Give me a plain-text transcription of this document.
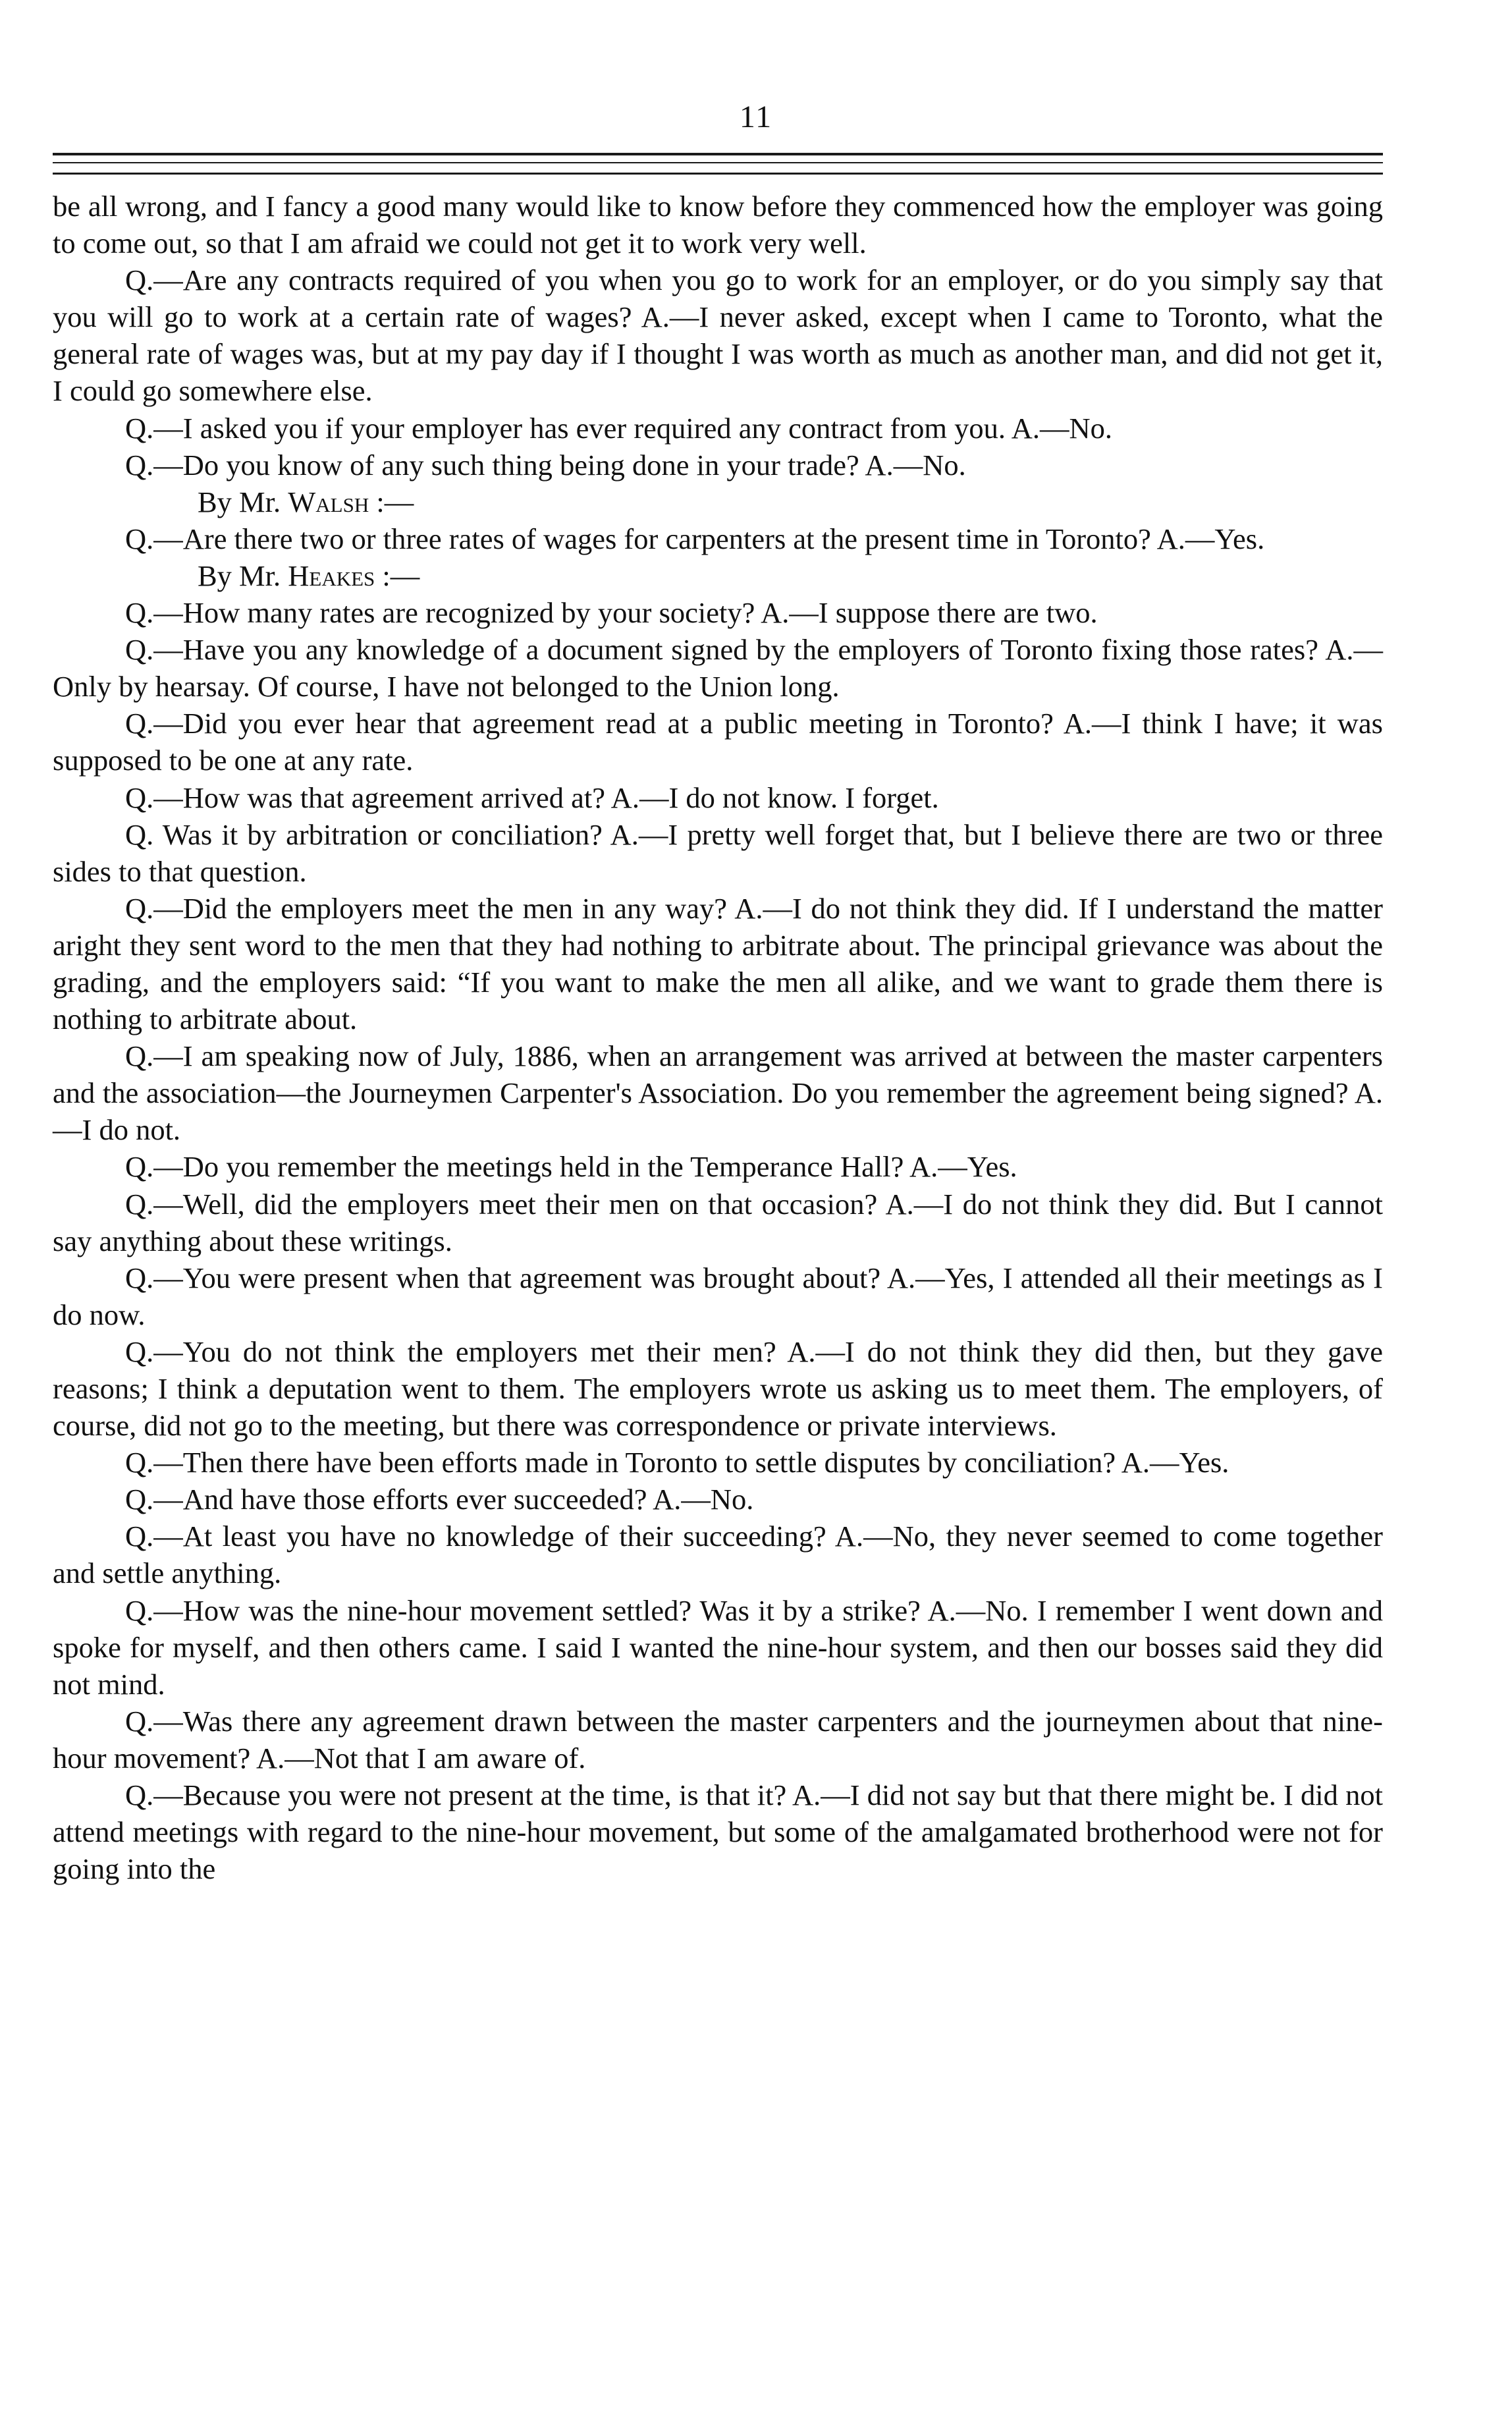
11

be all wrong, and I fancy a good many would like to know before they commenced how the employer was going to come out, so that I am afraid we could not get it to work very well.

Q.—Are any contracts required of you when you go to work for an employer, or do you simply say that you will go to work at a certain rate of wages? A.—I never asked, except when I came to Toronto, what the general rate of wages was, but at my pay day if I thought I was worth as much as another man, and did not get it, I could go somewhere else.

Q.—I asked you if your employer has ever required any contract from you. A.—No.

Q.—Do you know of any such thing being done in your trade? A.—No.

By Mr. Walsh :—

Q.—Are there two or three rates of wages for carpenters at the present time in Toronto? A.—Yes.

By Mr. Heakes :—

Q.—How many rates are recognized by your society? A.—I suppose there are two.

Q.—Have you any knowledge of a document signed by the employers of Toronto fixing those rates? A.—Only by hearsay. Of course, I have not belonged to the Union long.

Q.—Did you ever hear that agreement read at a public meeting in Toronto? A.—I think I have; it was supposed to be one at any rate.

Q.—How was that agreement arrived at? A.—I do not know. I forget.

Q. Was it by arbitration or conciliation? A.—I pretty well forget that, but I believe there are two or three sides to that question.

Q.—Did the employers meet the men in any way? A.—I do not think they did. If I understand the matter aright they sent word to the men that they had nothing to arbitrate about. The principal grievance was about the grading, and the employers said: “If you want to make the men all alike, and we want to grade them there is nothing to arbitrate about.

Q.—I am speaking now of July, 1886, when an arrangement was arrived at between the master carpenters and the association—the Journeymen Carpenter's Association. Do you remember the agreement being signed? A.—I do not.

Q.—Do you remember the meetings held in the Temperance Hall? A.—Yes.

Q.—Well, did the employers meet their men on that occasion? A.—I do not think they did. But I cannot say anything about these writings.

Q.—You were present when that agreement was brought about? A.—Yes, I attended all their meetings as I do now.

Q.—You do not think the employers met their men? A.—I do not think they did then, but they gave reasons; I think a deputation went to them. The employers wrote us asking us to meet them. The employers, of course, did not go to the meeting, but there was correspondence or private interviews.

Q.—Then there have been efforts made in Toronto to settle disputes by conciliation? A.—Yes.

Q.—And have those efforts ever succeeded? A.—No.

Q.—At least you have no knowledge of their succeeding? A.—No, they never seemed to come together and settle anything.

Q.—How was the nine-hour movement settled? Was it by a strike? A.—No. I remember I went down and spoke for myself, and then others came. I said I wanted the nine-hour system, and then our bosses said they did not mind.

Q.—Was there any agreement drawn between the master carpenters and the journeymen about that nine-hour movement? A.—Not that I am aware of.

Q.—Because you were not present at the time, is that it? A.—I did not say but that there might be. I did not attend meetings with regard to the nine-hour movement, but some of the amalgamated brotherhood were not for going into the
